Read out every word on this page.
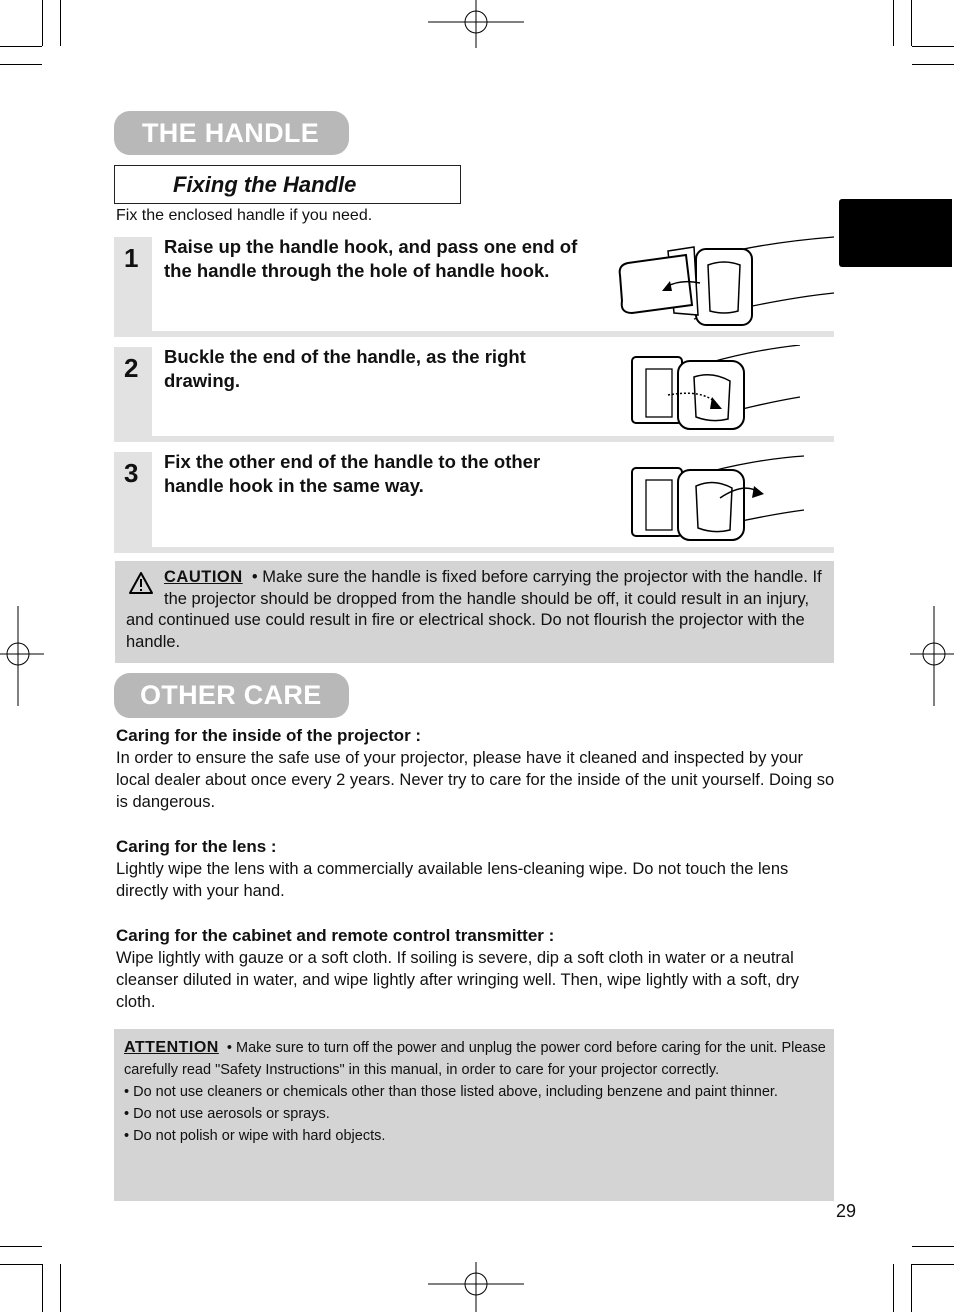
THE HANDLE
Fixing the Handle
Fix the enclosed handle if you need.
1 Raise up the handle hook, and pass one end of the handle through the hole of handle hook.
2 Buckle the end of the handle, as the right drawing.
3 Fix the other end of the handle to the other handle hook in the same way.
CAUTION • Make sure the handle is fixed before carrying the projector with the handle. If the projector should be dropped from the handle should be off, it could result in an injury, and continued use could result in fire or electrical shock. Do not flourish the projector with the handle.
OTHER CARE
Caring for the inside of the projector :
In order to ensure the safe use of your projector, please have it cleaned and inspected by your local dealer about once every 2 years. Never try to care for the inside of the unit yourself. Doing so is dangerous.
Caring for the lens :
Lightly wipe the lens with a commercially available lens-cleaning wipe. Do not touch the lens directly with your hand.
Caring for the cabinet and remote control transmitter :
Wipe lightly with gauze or a soft cloth. If soiling is severe, dip a soft cloth in water or a neutral cleanser diluted in water, and wipe lightly after wringing well. Then, wipe lightly with a soft, dry cloth.
ATTENTION • Make sure to turn off the power and unplug the power cord before caring for the unit. Please carefully read "Safety Instructions" in this manual, in order to care for your projector correctly.
• Do not use cleaners or chemicals other than those listed above, including benzene and paint thinner.
• Do not use aerosols or sprays.
• Do not polish or wipe with hard objects.
29
